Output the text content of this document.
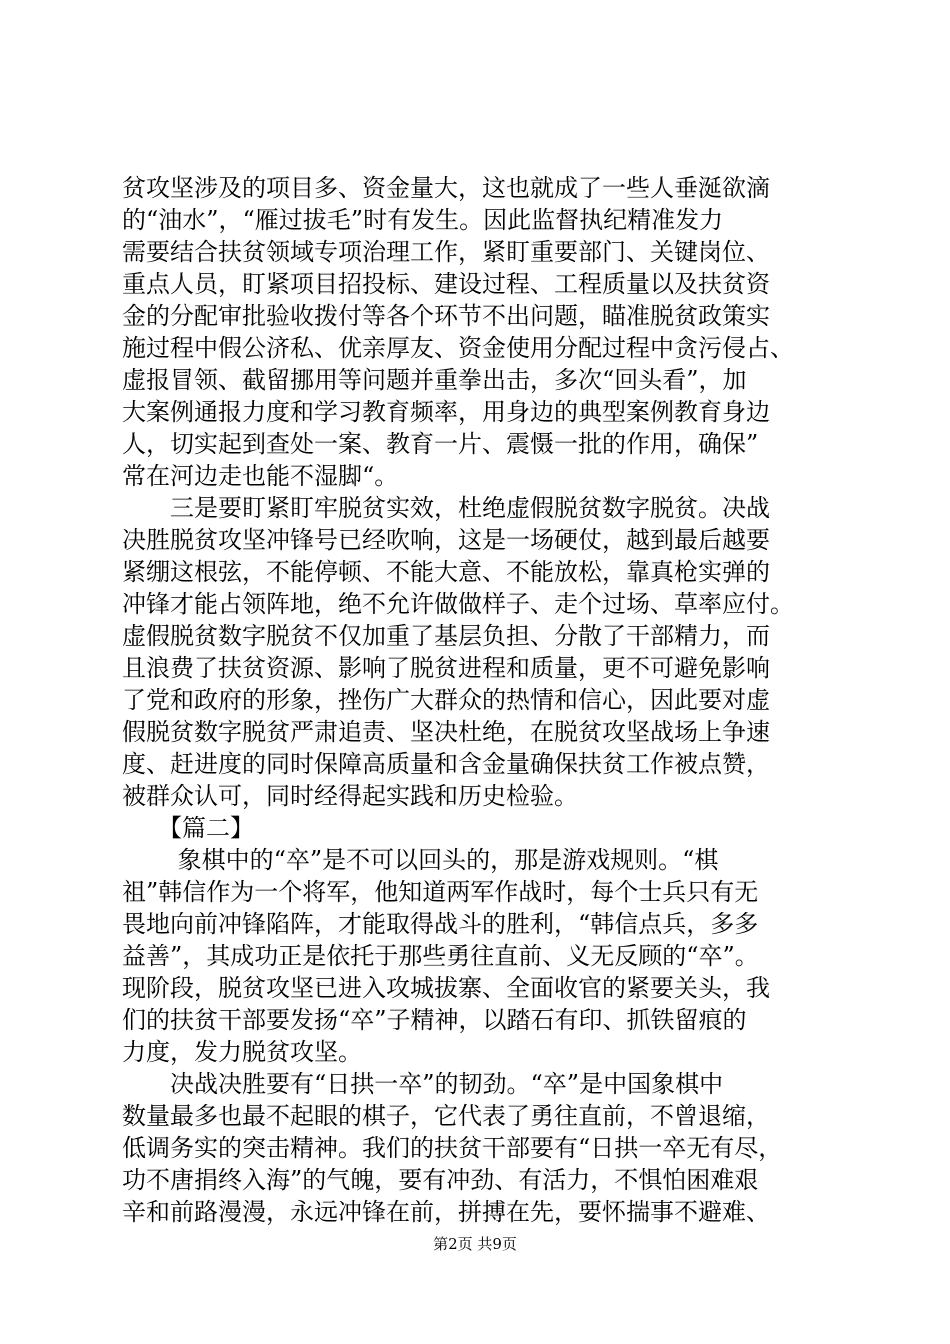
贫攻坚涉及的项目多、资金量大，这也就成了一些人垂涎欲滴
的“油水”，“雁过拔毛”时有发生。因此监督执纪精准发力
需要结合扶贫领域专项治理工作，紧盯重要部门、关键岗位、
重点人员，盯紧项目招投标、建设过程、工程质量以及扶贫资
金的分配审批验收拨付等各个环节不出问题，瞄准脱贫政策实
施过程中假公济私、优亲厚友、资金使用分配过程中贪污侵占、
虚报冒领、截留挪用等问题并重拳出击，多次“回头看”，加
大案例通报力度和学习教育频率，用身边的典型案例教育身边
人，切实起到查处一案、教育一片、震慑一批的作用，确保”
常在河边走也能不湿脚“。
　　三是要盯紧盯牢脱贫实效，杜绝虚假脱贫数字脱贫。决战
决胜脱贫攻坚冲锋号已经吹响，这是一场硬仗，越到最后越要
紧绷这根弦，不能停顿、不能大意、不能放松，靠真枪实弹的
冲锋才能占领阵地，绝不允许做做样子、走个过场、草率应付。
虚假脱贫数字脱贫不仅加重了基层负担、分散了干部精力，而
且浪费了扶贫资源、影响了脱贫进程和质量，更不可避免影响
了党和政府的形象，挫伤广大群众的热情和信心，因此要对虚
假脱贫数字脱贫严肃追责、坚决杜绝，在脱贫攻坚战场上争速
度、赶进度的同时保障高质量和含金量确保扶贫工作被点赞，
被群众认可，同时经得起实践和历史检验。
　　【篇二】
　　 象棋中的“卒”是不可以回头的，那是游戏规则。“棋
祖”韩信作为一个将军，他知道两军作战时，每个士兵只有无
畏地向前冲锋陷阵，才能取得战斗的胜利，“韩信点兵，多多
益善”，其成功正是依托于那些勇往直前、义无反顾的“卒”。
现阶段，脱贫攻坚已进入攻城拔寨、全面收官的紧要关头，我
们的扶贫干部要发扬“卒”子精神，以踏石有印、抓铁留痕的
力度，发力脱贫攻坚。
　　决战决胜要有“日拱一卒”的韧劲。“卒”是中国象棋中
数量最多也最不起眼的棋子，它代表了勇往直前，不曾退缩，
低调务实的突击精神。我们的扶贫干部要有“日拱一卒无有尽，
功不唐捐终入海”的气魄，要有冲劲、有活力，不惧怕困难艰
辛和前路漫漫，永远冲锋在前，拼搏在先，要怀揣事不避难、
第2页 共9页
